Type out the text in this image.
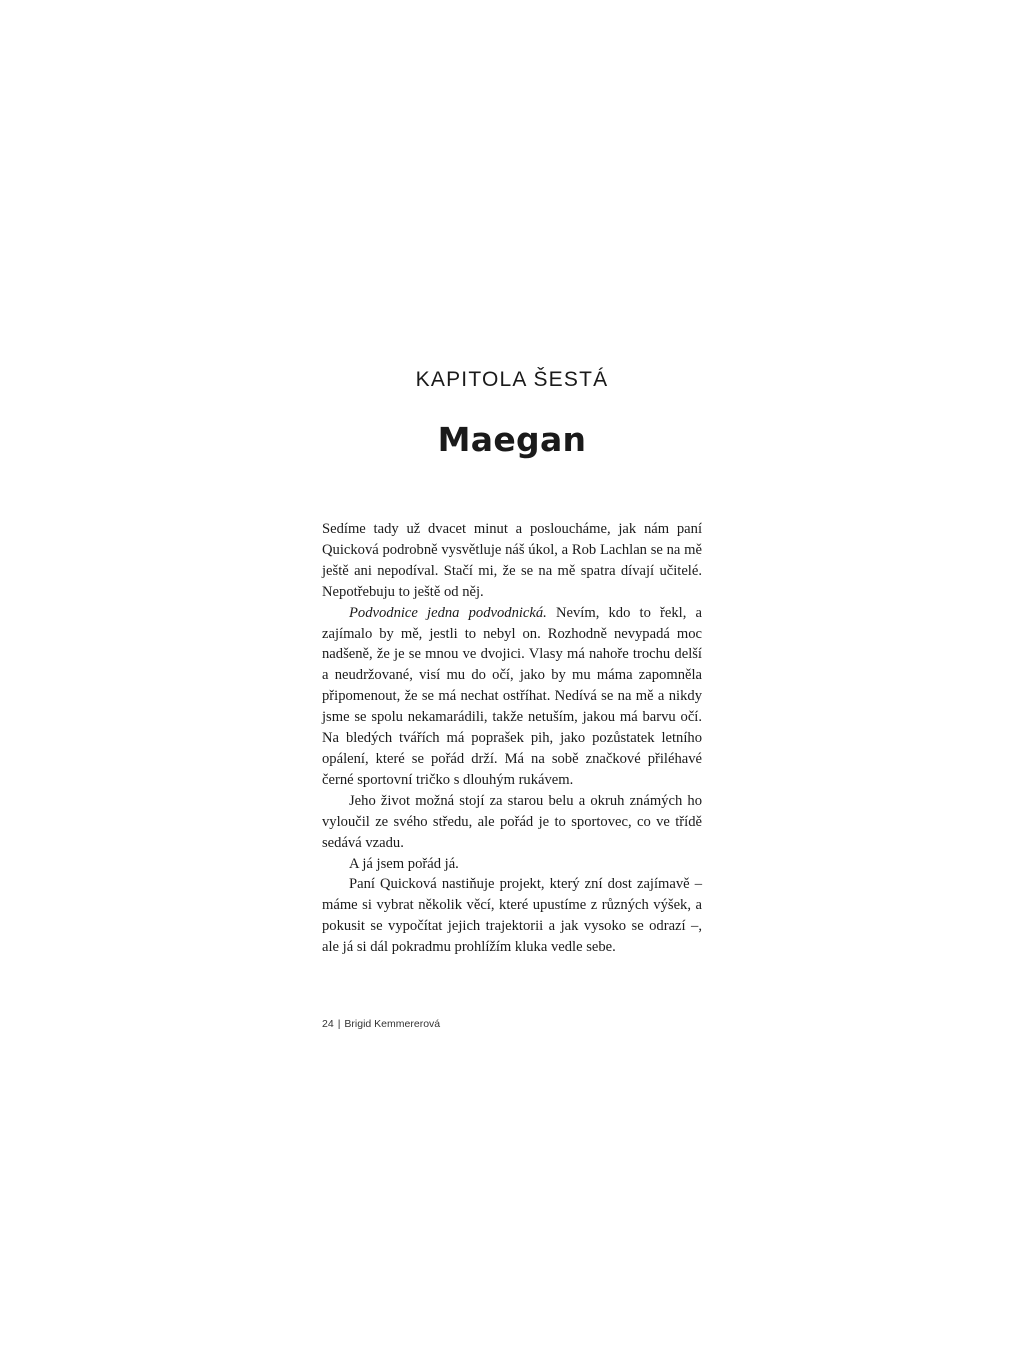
KAPITOLA ŠESTÁ
Maegan

Sedíme tady už dvacet minut a posloucháme, jak nám paní Quicková podrobně vysvětluje náš úkol, a Rob Lachlan se na mě ještě ani nepodíval. Stačí mi, že se na mě spatra dívají učitelé. Nepotřebuju to ještě od něj.

Podvodnice jedna podvodnická. Nevím, kdo to řekl, a zajímalo by mě, jestli to nebyl on. Rozhodně nevypadá moc nadšeně, že je se mnou ve dvojici. Vlasy má nahoře trochu delší a neudržované, visí mu do očí, jako by mu máma zapomněla připomenout, že se má nechat ostříhat. Nedívá se na mě a nikdy jsme se spolu nekamarádili, takže netuším, jakou má barvu očí. Na bledých tvářích má poprašek pih, jako pozůstatek letního opálení, které se pořád drží. Má na sobě značkové přiléhavé černé sportovní tričko s dlouhým rukávem.

Jeho život možná stojí za starou belu a okruh známých ho vyloučil ze svého středu, ale pořád je to sportovec, co ve třídě sedává vzadu.

A já jsem pořád já.

Paní Quicková nastiňuje projekt, který zní dost zajímavě – máme si vybrat několik věcí, které upustíme z různých výšek, a pokusit se vypočítat jejich trajektorii a jak vysoko se odrazí –, ale já si dál pokradmu prohlížím kluka vedle sebe.

24 | Brigid Kemmererová
